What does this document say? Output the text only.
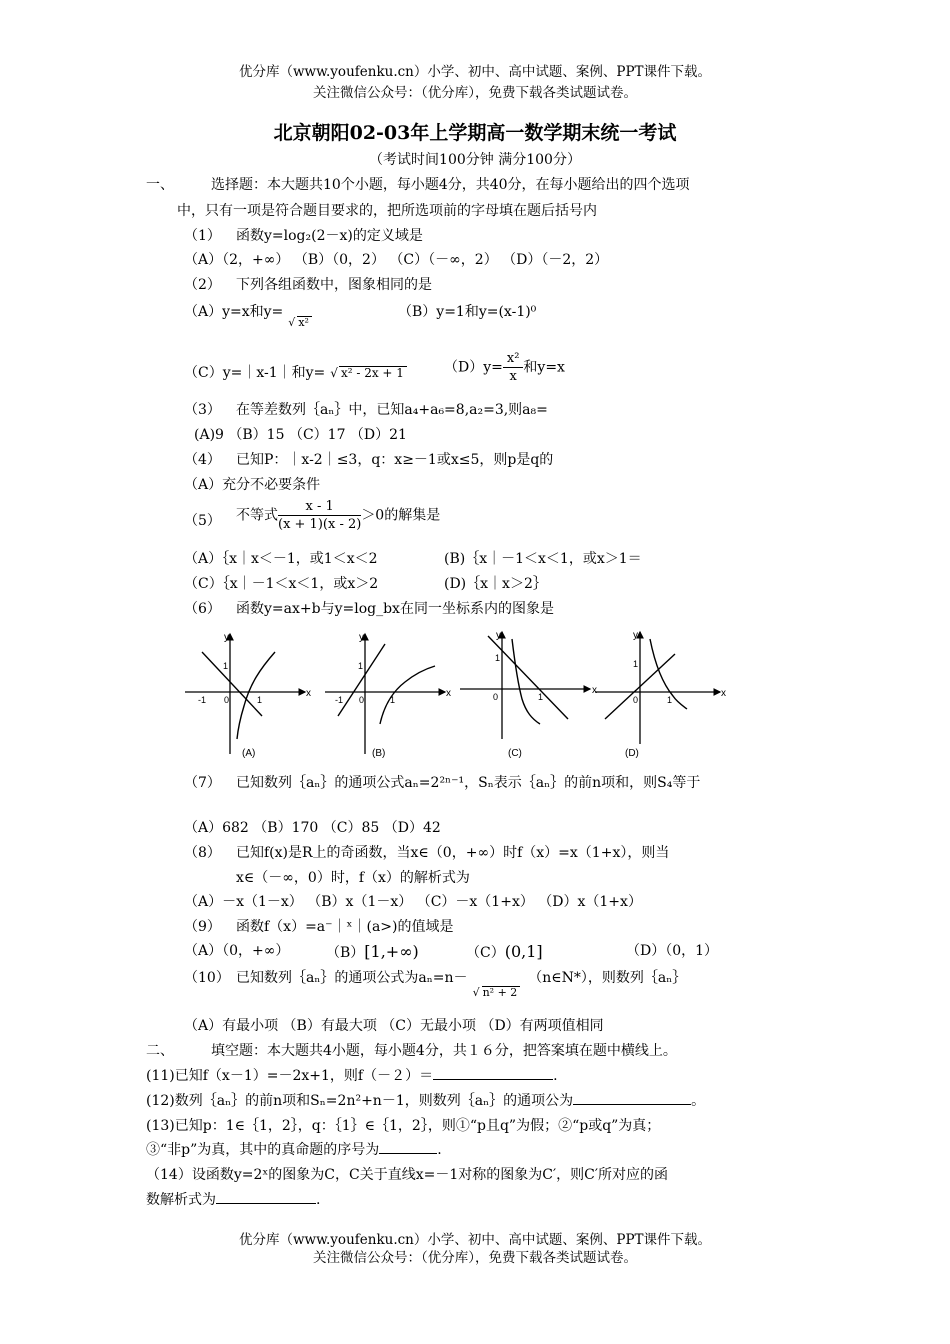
优分库（www.youfenku.cn）小学、初中、高中试题、案例、PPT课件下载。
关注微信公众号：（优分库），免费下载各类试题试卷。
北京朝阳02-03年上学期高一数学期末统一考试
（考试时间100分钟 满分100分）
一、	选择题：本大题共10个小题，每小题4分，共40分，在每小题给出的四个选项
中，只有一项是符合题目要求的，把所选项前的字母填在题后括号内
（1） 函数y=log₂(2－x)的定义域是
（A）（2，+∞） （B）（0，2） （C）（－∞，2） （D）（－2，2）
（2） 下列各组函数中，图象相同的是
（A）y=x和y=√ x²
（B）y=1和y=(x-1)⁰
（C）y=｜x-1｜和y= √ x² - 2x + 1	$(D)y= \frac{\text{x²}}{x}$ 和y=x
（3） 在等差数列｛aₙ｝中，已知a₄+a₆=8,a₂=3,则a₈=
(A)9 （B）15 （C）17 （D）21
（4） 已知P：｜x-2｜≤3，q：x≥－1或x≤5，则p是q的
（A）充分不必要条件
（5） 不等式 $\frac{x - 1}{(x + 1)(x - 2)} >0$的解集是
（A）｛x｜x＜－1，或1＜x＜2	(B)｛x｜－1＜x＜1，或x＞1＝
（C）｛x｜－1＜x＜1，或x＞2	(D)｛x｜x＞2｝
（6） 函数y=ax+b与y=log_bx在同一坐标系内的图象是
y
x
1
-1 0	1
(A)
y
x
1
-1 0	1
(B)
y
x
1
0	1
(C)
y
x
1
0	1
(D)
（7） 已知数列｛aₙ｝的通项公式aₙ=2²ⁿ⁻¹，Sₙ表示｛aₙ｝的前n项和，则S₄等于
（A）682 （B）170 （C）85 （D）42
（8） 已知f(x)是R上的奇函数，当x∈（0，+∞）时f（x）=x（1+x），则当
x∈（－∞，0）时，f（x）的解析式为
（A）－x（1－x） （B）x（1－x） （C）－x（1+x） （D）x（1+x）
（9） 函数f（x）=a⁻｜ˣ｜(a>)的值域是
（A）（0，+∞）	（B）[1,+∞)	（C）(0,1]	（D）（0，1）
（10） 已知数列｛aₙ｝的通项公式为aₙ=n－√ n² + 2（n∈N*），则数列｛aₙ｝
（A）有最小项 （B）有最大项 （C）无最小项 （D）有两项值相同
二、	填空题：本大题共4小题，每小题4分，共１６分，把答案填在题中横线上。
(11)已知f（x－1）=－2x+1，则f（－２）＝	.
(12)数列｛aₙ｝的前n项和Sₙ=2n²+n－1，则数列｛aₙ｝的通项公为	。
(13)已知p：1∈｛1，2｝，q：｛1｝∈｛1，2｝，则①“p且q”为假；②“p或q”为真；
③“非p”为真，其中的真命题的序号为	.
（14）设函数y=2ˣ的图象为C，C关于直线x=－1对称的图象为C′，则C′所对应的函
数解析式为	.
优分库（www.youfenku.cn）小学、初中、高中试题、案例、PPT课件下载。
关注微信公众号：（优分库），免费下载各类试题试卷。
